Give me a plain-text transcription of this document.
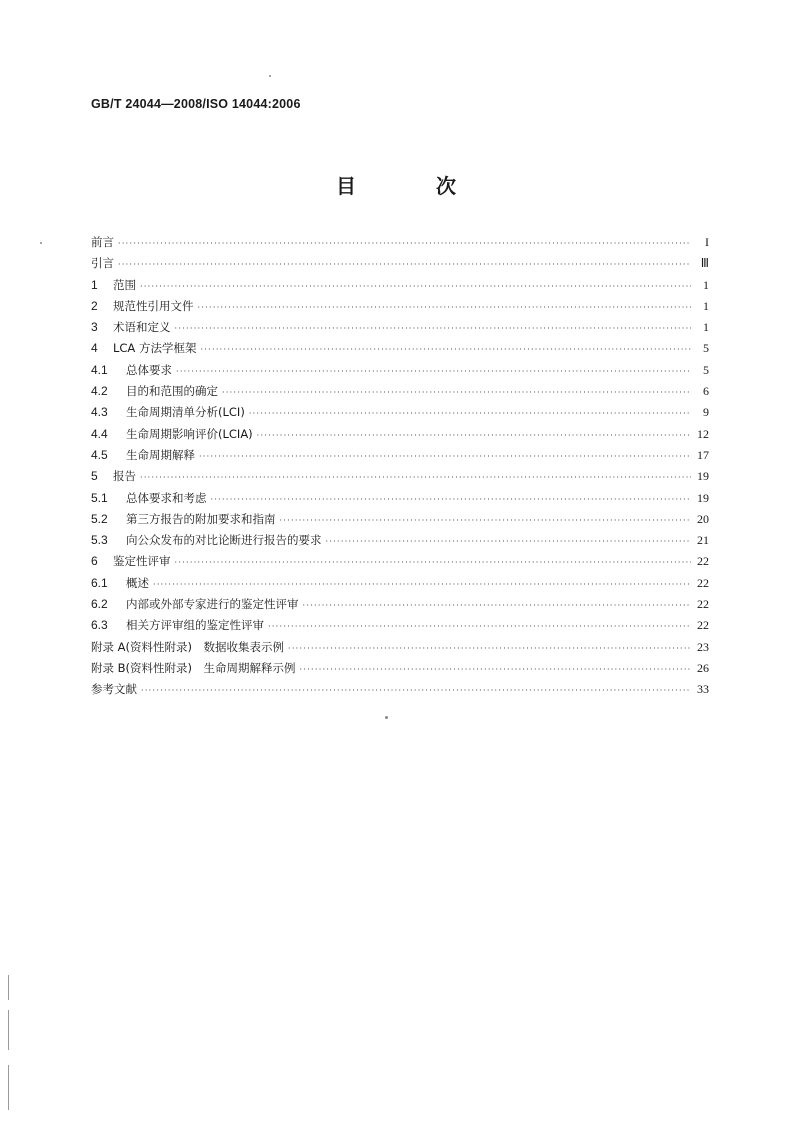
GB/T 24044—2008/ISO 14044:2006
目　次
前言 ·····	I
引言 ·····	Ⅲ
1	范围 ·····	1
2	规范性引用文件 ·····	1
3	术语和定义 ·····	1
4	LCA 方法学框架 ·····	5
4.1	总体要求 ·····	5
4.2	目的和范围的确定 ·····	6
4.3	生命周期清单分析(LCI) ·····	9
4.4	生命周期影响评价(LCIA) ·····	12
4.5	生命周期解释 ·····	17
5	报告 ·····	19
5.1	总体要求和考虑 ·····	19
5.2	第三方报告的附加要求和指南 ·····	20
5.3	向公众发布的对比论断进行报告的要求 ·····	21
6	鉴定性评审 ·····	22
6.1	概述 ·····	22
6.2	内部或外部专家进行的鉴定性评审 ·····	22
6.3	相关方评审组的鉴定性评审 ·····	22
附录 A(资料性附录)　数据收集表示例 ·····	23
附录 B(资料性附录)　生命周期解释示例 ·····	26
参考文献 ·····	33
